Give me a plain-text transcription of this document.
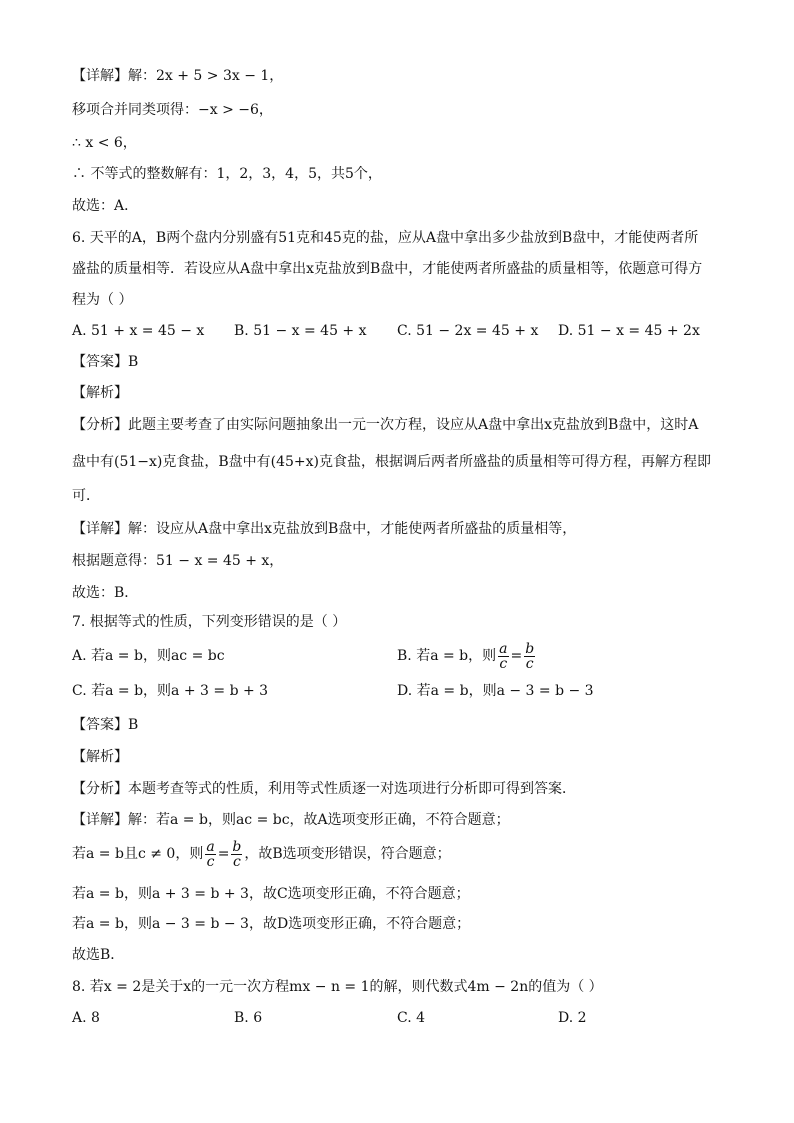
【详解】解：2x + 5 > 3x − 1，
移项合并同类项得：−x > −6，
∴ x < 6，
∴ 不等式的整数解有：1，2，3，4，5，共5个，
故选：A．
6. 天平的A，B两个盘内分别盛有51克和45克的盐，应从A盘中拿出多少盐放到B盘中，才能使两者所
盛盐的质量相等．若设应从A盘中拿出x克盐放到B盘中，才能使两者所盛盐的质量相等，依题意可得方
程为（ ）
A. 51 + x = 45 − x B. 51 − x = 45 + x C. 51 − 2x = 45 + x D. 51 − x = 45 + 2x
【答案】B
【解析】
【分析】此题主要考查了由实际问题抽象出一元一次方程，设应从A盘中拿出x克盐放到B盘中，这时A
盘中有(51−x)克食盐，B盘中有(45+x)克食盐，根据调后两者所盛盐的质量相等可得方程，再解方程即
可．
【详解】解：设应从A盘中拿出x克盐放到B盘中，才能使两者所盛盐的质量相等，
根据题意得：51 − x = 45 + x，
故选：B．
7. 根据等式的性质，下列变形错误的是（ ）
A. 若a = b，则ac = bc	B. 若a = b，则 $\frac{a}{c} = \frac{b}{c}$
C. 若a = b，则a + 3 = b + 3	D. 若a = b，则a − 3 = b − 3
【答案】B
【解析】
【分析】本题考查等式的性质，利用等式性质逐一对选项进行分析即可得到答案．
【详解】解：若a = b，则ac = bc，故A选项变形正确，不符合题意；
若a = b且c ≠ 0，则 $\frac{a}{c} = \frac{b}{c}$ ，故B选项变形错误，符合题意；
若a = b，则a + 3 = b + 3，故C选项变形正确，不符合题意；
若a = b，则a − 3 = b − 3，故D选项变形正确，不符合题意；
故选B．
8. 若x = 2是关于x的一元一次方程mx − n = 1的解，则代数式4m − 2n的值为（ ）
A. 8	B. 6	C. 4	D. 2
